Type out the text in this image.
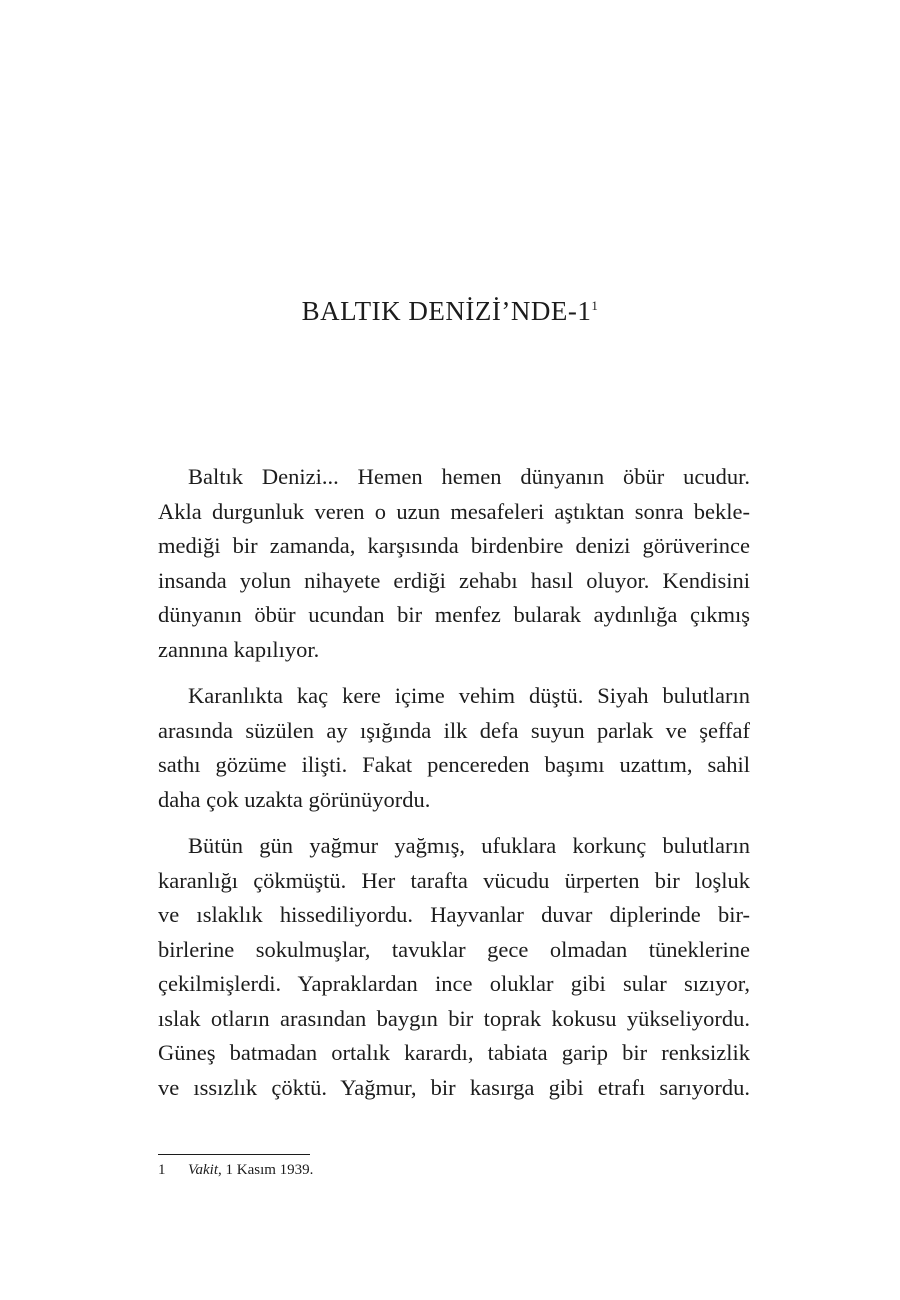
BALTIK $DENİZİ’NDE-1^1$

Baltık Denizi... Hemen hemen dünyanın öbür ucudur.
Akla durgunluk veren o uzun mesafeleri aştıktan sonra bekle-
mediği bir zamanda, karşısında birdenbire denizi görüverince
insanda yolun nihayete erdiği zehabı hasıl oluyor. Kendisini
dünyanın öbür ucundan bir menfez bularak aydınlığa çıkmış
zannına kapılıyor.

Karanlıkta kaç kere içime vehim düştü. Siyah bulutların
arasında süzülen ay ışığında ilk defa suyun parlak ve şeffaf
sathı gözüme ilişti. Fakat pencereden başımı uzattım, sahil
daha çok uzakta görünüyordu.

Bütün gün yağmur yağmış, ufuklara korkunç bulutların
karanlığı çökmüştü. Her tarafta vücudu ürperten bir loşluk
ve ıslaklık hissediliyordu. Hayvanlar duvar diplerinde bir-
birlerine sokulmuşlar, tavuklar gece olmadan tüneklerine
çekilmişlerdi. Yapraklardan ince oluklar gibi sular sızıyor,
ıslak otların arasından baygın bir toprak kokusu yükseliyordu.
Güneş batmadan ortalık karardı, tabiata garip bir renksizlik
ve ıssızlık çöktü. Yağmur, bir kasırga gibi etrafı sarıyordu.

1 Vakit, 1 Kasım 1939.
